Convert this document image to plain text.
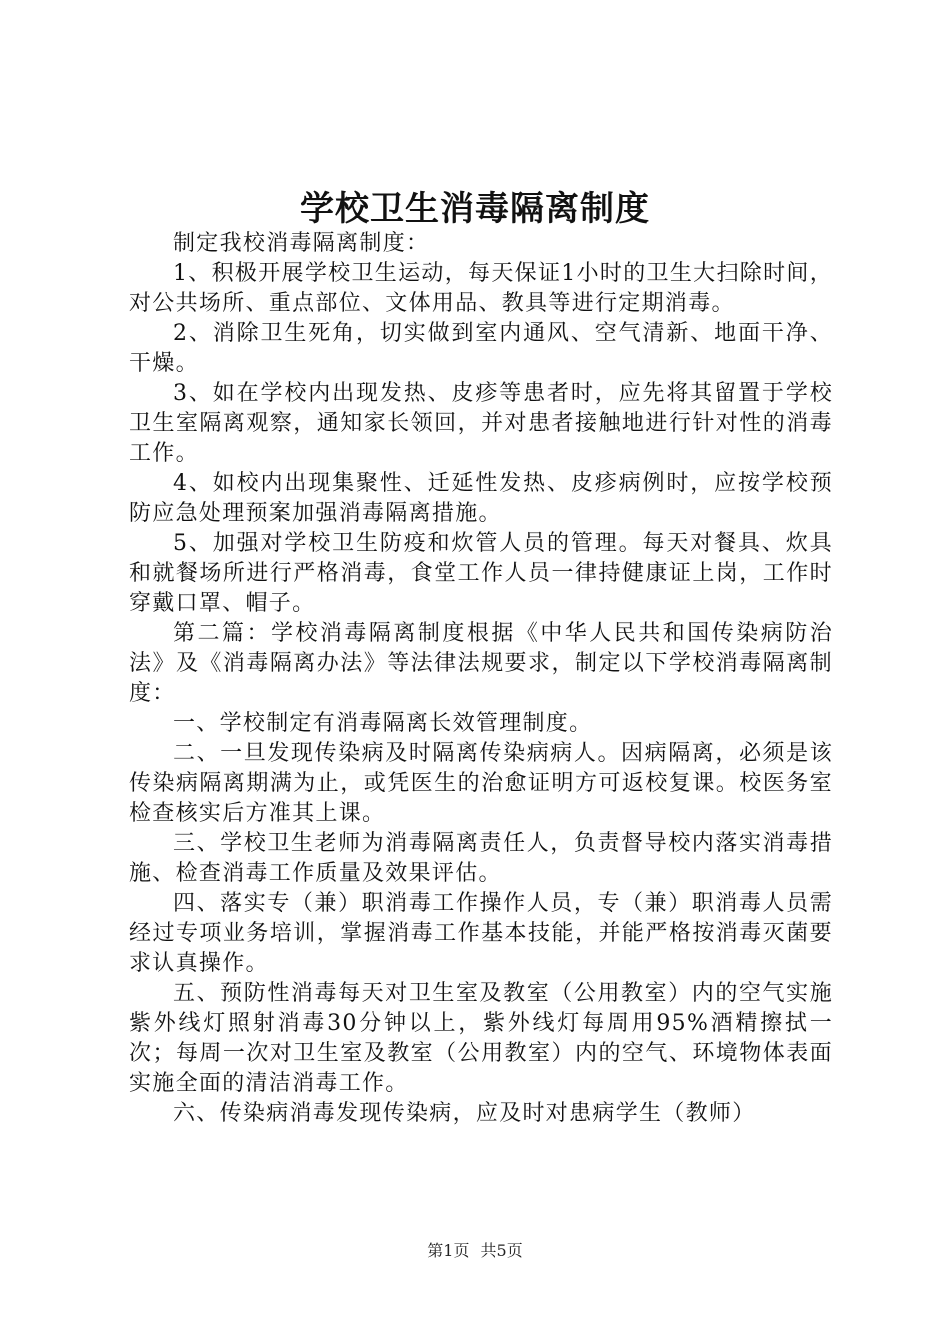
学校卫生消毒隔离制度

制定我校消毒隔离制度：

1、积极开展学校卫生运动，每天保证1小时的卫生大扫除时间，对公共场所、重点部位、文体用品、教具等进行定期消毒。

2、消除卫生死角，切实做到室内通风、空气清新、地面干净、干燥。

3、如在学校内出现发热、皮疹等患者时，应先将其留置于学校卫生室隔离观察，通知家长领回，并对患者接触地进行针对性的消毒工作。

4、如校内出现集聚性、迁延性发热、皮疹病例时，应按学校预防应急处理预案加强消毒隔离措施。

5、加强对学校卫生防疫和炊管人员的管理。每天对餐具、炊具和就餐场所进行严格消毒，食堂工作人员一律持健康证上岗，工作时穿戴口罩、帽子。

第二篇：学校消毒隔离制度根据《中华人民共和国传染病防治法》及《消毒隔离办法》等法律法规要求，制定以下学校消毒隔离制度：

一、学校制定有消毒隔离长效管理制度。

二、一旦发现传染病及时隔离传染病病人。因病隔离，必须是该传染病隔离期满为止，或凭医生的治愈证明方可返校复课。校医务室检查核实后方准其上课。

三、学校卫生老师为消毒隔离责任人，负责督导校内落实消毒措施、检查消毒工作质量及效果评估。

四、落实专（兼）职消毒工作操作人员，专（兼）职消毒人员需经过专项业务培训，掌握消毒工作基本技能，并能严格按消毒灭菌要求认真操作。

五、预防性消毒每天对卫生室及教室（公用教室）内的空气实施紫外线灯照射消毒30分钟以上，紫外线灯每周用95%酒精擦拭一次；每周一次对卫生室及教室（公用教室）内的空气、环境物体表面实施全面的清洁消毒工作。

六、传染病消毒发现传染病，应及时对患病学生（教师）

第1页 共5页
